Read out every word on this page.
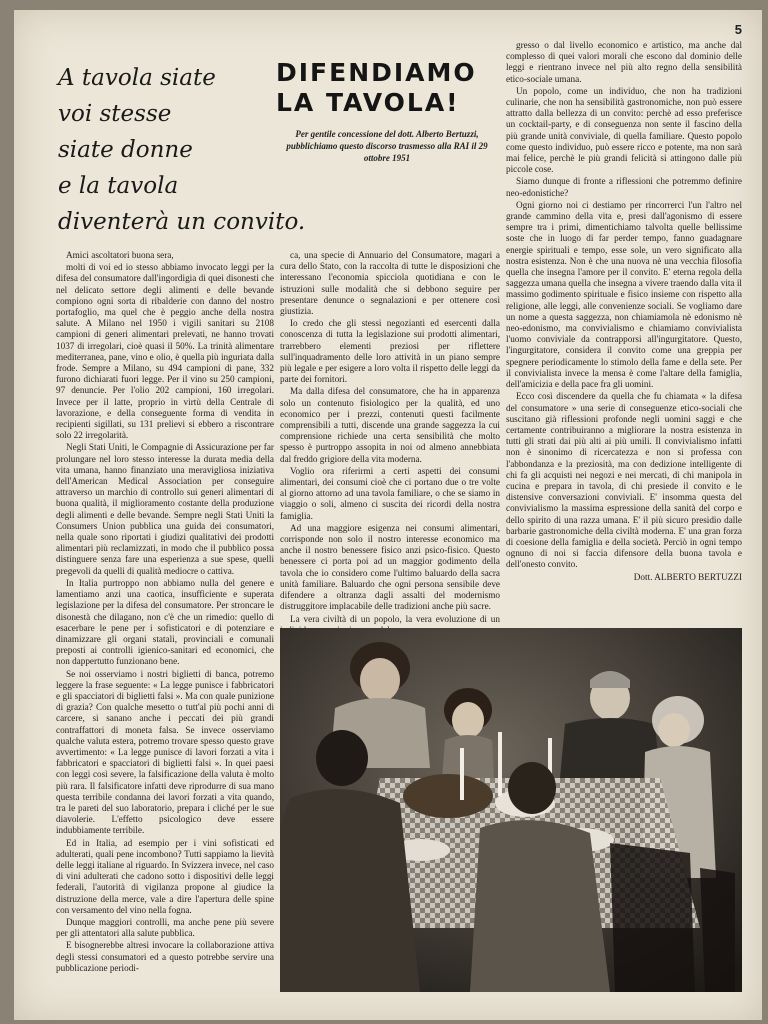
5
A tavola siate
voi stesse
siate donne
e la tavola
diventerà un convito.
DIFENDIAMO
LA TAVOLA!
Per gentile concessione del dott. Alberto Bertuzzi, pubblichiamo questo discorso trasmesso alla RAI il 29 ottobre 1951

Amici ascoltatori buona sera,

molti di voi ed io stesso abbiamo invocato leggi per la difesa del consumatore dall'ingordigia di quei disonesti che nel delicato settore degli alimenti e delle bevande compiono ogni sorta di ribalderie con danno del nostro portafoglio, ma quel che è peggio anche della nostra salute. A Milano nel 1950 i vigili sanitari su 2108 campioni di generi alimentari prelevati, ne hanno trovati 1037 di irregolari, cioè quasi il 50%. La trinità alimentare mediterranea, pane, vino e olio, è quella più inguriata dalla frode. Sempre a Milano, su 494 campioni di pane, 332 furono dichiarati fuori legge. Per il vino su 250 campioni, 97 denuncie. Per l'olio 202 campioni, 160 irregolari. Invece per il latte, proprio in virtù della Centrale di lavorazione, e della conseguente forma di vendita in recipienti sigillati, su 131 prelievi si ebbero a riscontrare solo 22 irregolarità.

Negli Stati Uniti, le Compagnie di Assicurazione per far prolungare nel loro stesso interesse la durata media della vita umana, hanno finanziato una meravigliosa iniziativa dell'American Medical Association per conseguire attraverso un marchio di controllo sui generi alimentari di buona qualità, il miglioramento costante della produzione degli alimenti e delle bevande. Sempre negli Stati Uniti la Consumers Union pubblica una guida dei consumatori, nella quale sono riportati i giudizi qualitativi dei prodotti alimentari più reclamizzati, in modo che il pubblico possa distinguere senza fare una esperienza a sue spese, quelli pregevoli da quelli di qualità mediocre o cattiva.

In Italia purtroppo non abbiamo nulla del genere e lamentiamo anzi una caotica, insufficiente e superata legislazione per la difesa del consumatore. Per stroncare le disonestà che dilagano, non c'è che un rimedio: quello di esacerbare le pene per i sofisticatori e di potenziare e dinamizzare gli organi statali, provinciali e comunali preposti ai controlli igienico-sanitari ed economici, che non dappertutto funzionano bene.

Se noi osserviamo i nostri biglietti di banca, potremo leggere la frase seguente: « La legge punisce i fabbricatori e gli spacciatori di biglietti falsi ». Ma con quale punizione di grazia? Con qualche mesetto o tutt'al più pochi anni di carcere, si sanano anche i peccati dei più grandi contraffattori di moneta falsa. Se invece osserviamo qualche valuta estera, potremo trovare spesso questo grave avvertimento: « La legge punisce di lavori forzati a vita i fabbricatori e spacciatori di biglietti falsi ». In quei paesi con leggi così severe, la falsificazione della valuta è molto più rara. Il falsificatore infatti deve riprodurre di sua mano questa terribile condanna dei lavori forzati a vita quando, tra le pareti del suo laboratorio, prepara i cliché per le sue diavolerie. L'effetto psicologico deve essere indubbiamente terribile.

Ed in Italia, ad esempio per i vini sofisticati ed adulterati, quali pene incombono? Tutti sappiamo la lievità delle leggi italiane al riguardo. In Svizzera invece, nel caso di vini adulterati che cadono sotto i dispositivi delle leggi federali, l'autorità di vigilanza propone al giudice la distruzione della merce, vale a dire l'apertura delle spine con versamento del vino nella fogna.

Dunque maggiori controlli, ma anche pene più severe per gli attentatori alla salute pubblica.

E bisognerebbe altresì invocare la collaborazione attiva degli stessi consumatori ed a questo potrebbe servire una pubblicazione periodi-

ca, una specie di Annuario del Consumatore, magari a cura dello Stato, con la raccolta di tutte le disposizioni che interessano l'economia spicciola quotidiana e con le istruzioni sulle modalità che si debbono seguire per presentare denunce o segnalazioni e per ottenere così giustizia.

Io credo che gli stessi negozianti ed esercenti dalla conoscenza di tutta la legislazione sui prodotti alimentari, trarrebbero elementi preziosi per riflettere sull'inquadramento delle loro attività in un piano sempre più legale e per esigere a loro volta il rispetto delle leggi da parte dei fornitori.

Ma dalla difesa del consumatore, che ha in apparenza solo un contenuto fisiologico per la qualità, ed uno economico per i prezzi, contenuti questi facilmente comprensibili a tutti, discende una grande saggezza la cui comprensione richiede una certa sensibilità che molto spesso è purtroppo assopita in noi od almeno annebbiata dal freddo grigiore della vita moderna.

Voglio ora riferirmi a certi aspetti dei consumi alimentari, dei consumi cioè che ci portano due o tre volte al giorno attorno ad una tavola familiare, o che se siamo in viaggio o soli, almeno ci suscita dei ricordi della nostra famiglia.

Ad una maggiore esigenza nei consumi alimentari, corrisponde non solo il nostro interesse economico ma anche il nostro benessere fisico anzi psico-fisico. Questo benessere ci porta poi ad un maggior godimento della tavola che io considero come l'ultimo baluardo della sacra unità familiare. Baluardo che ogni persona sensibile deve difendere a oltranza dagli assalti del modernismo distruggitore implacabile delle tradizioni anche più sacre.

La vera civiltà di un popolo, la vera evoluzione di un

gresso o dal livello economico e artistico, ma anche dal complesso di quei valori morali che escono dal dominio delle leggi e rientrano invece nel più alto regno della sensibilità etico-sociale umana.

Un popolo, come un individuo, che non ha tradizioni culinarie, che non ha sensibilità gastronomiche, non può essere attratto dalla bellezza di un convito: perchè ad esso preferisce un cocktail-party, e di conseguenza non sente il fascino della più grande unità conviviale, di quella familiare. Questo popolo come questo individuo, può essere ricco e potente, ma non sarà mai felice, perchè le più grandi felicità si attingono dalle più piccole cose.

Siamo dunque di fronte a riflessioni che potremmo definire neo-edonistiche?

Ogni giorno noi ci destiamo per rincorrerci l'un l'altro nel grande cammino della vita e, presi dall'agonismo di essere sempre tra i primi, dimentichiamo talvolta quelle bellissime soste che in luogo di far perder tempo, fanno guadagnare energie spirituali e tempo, esse sole, un vero significato alla nostra esistenza. Non è che una nuova nè una vecchia filosofia quella che insegna l'amore per il convito. E' eterna regola della saggezza umana quella che insegna a vivere traendo dalla vita il massimo godimento spirituale e fisico insieme con rispetto alla religione, alle leggi, alle convenienze sociali. Se vogliamo dare un nome a questa saggezza, non chiamiamola nè edonismo nè neo-edonismo, ma convivialismo e chiamiamo convivialista l'uomo conviviale da contrapporsi all'ingurgitatore. Questo, l'ingurgitatore, considera il convito come una greppia per spegnere periodicamente lo stimolo della fame e della sete. Per il convivialista invece la mensa è come l'altare della famiglia, dell'amicizia e della pace fra gli uomini.

Ecco così discendere da quella che fu chiamata « la difesa del consumatore » una serie di conseguenze etico-sociali che suscitano già riflessioni profonde negli uomini saggi e che certamente contribuiranno a migliorare la nostra esistenza in tutti gli strati dai più alti ai più umili. Il convivialismo infatti non è sinonimo di ricercatezza e non si professa con l'abbondanza e la preziosità, ma con dedizione intelligente di chi fa gli acquisti nei negozi e nei mercati, di chi manipola in cucina e prepara in tavola, di chi presiede il convito e le distensive conversazioni conviviali. E' insomma questa del convivialismo la massima espressione della sanità del corpo e dello spirito di una razza umana. E' il più sicuro presidio dalle barbarie gastronomiche della civiltà moderna. E' una gran forza di coesione della famiglia e della società. Perciò in ogni tempo ognuno di noi si faccia difensore della buona tavola e dell'onesto convito.

Dott. ALBERTO BERTUZZI
